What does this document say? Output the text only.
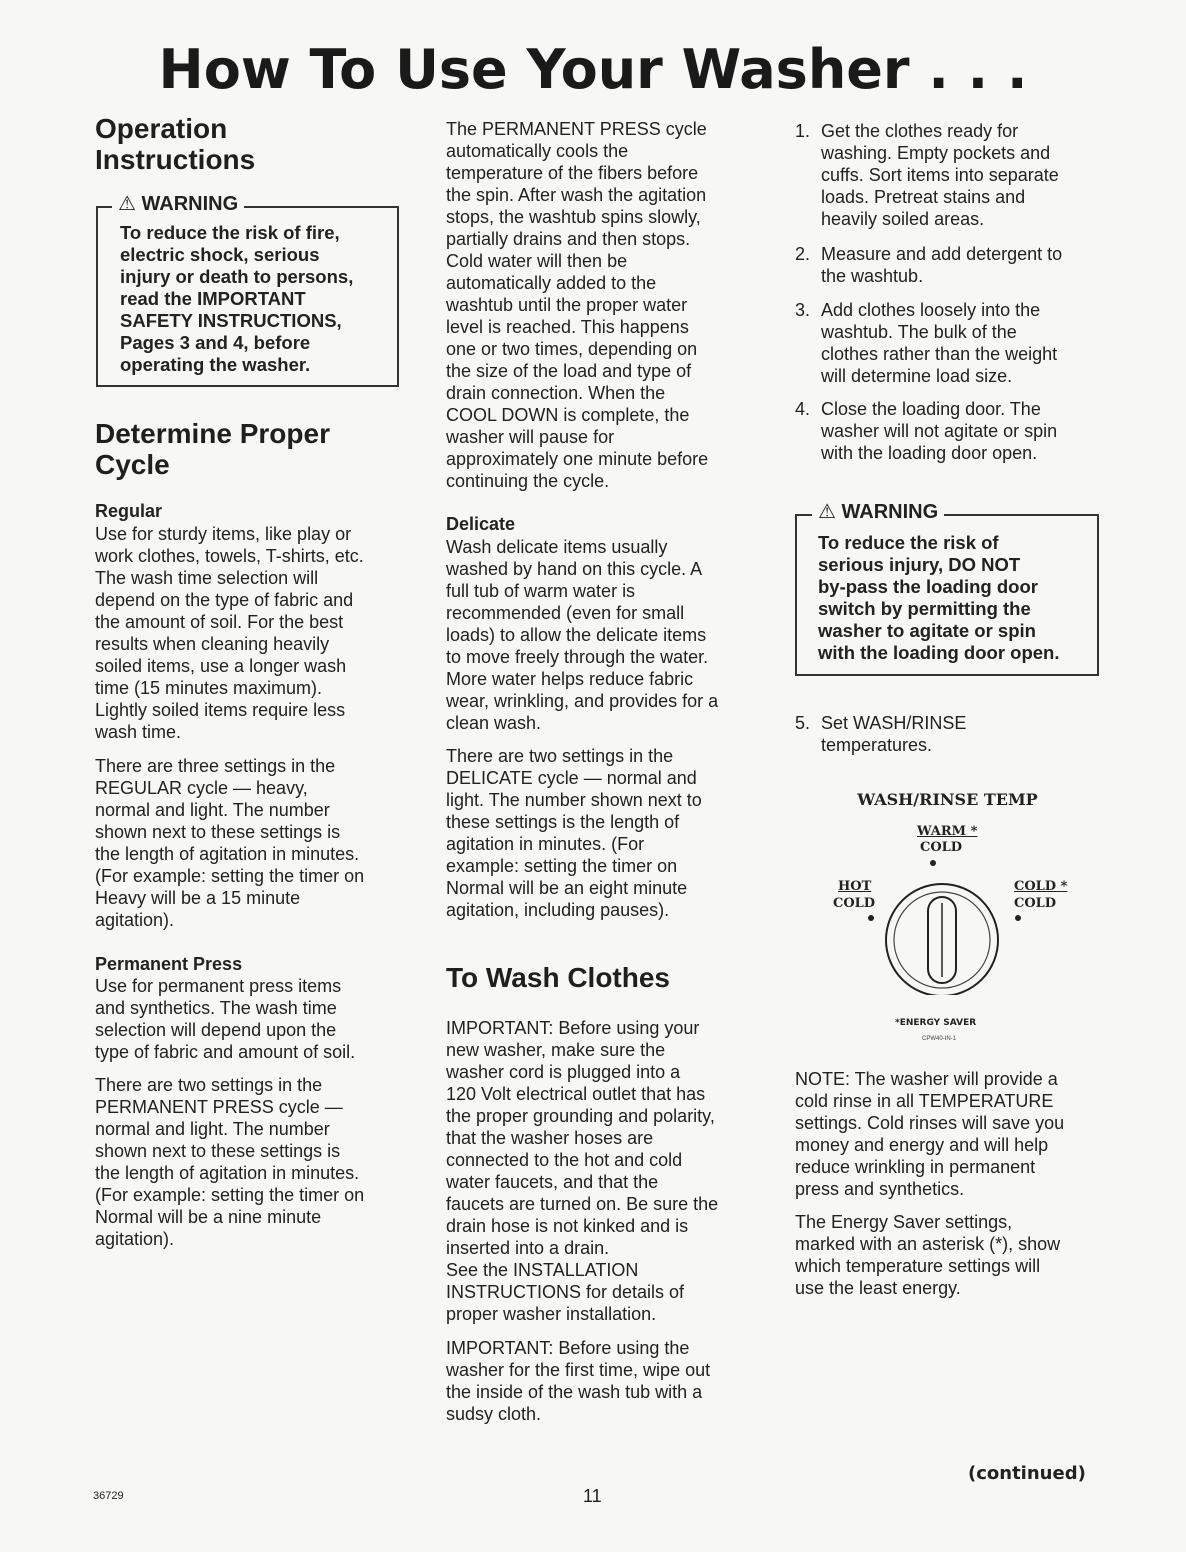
How To Use Your Washer . . .
Operation
Instructions
⚠ WARNING
To reduce the risk of fire,
electric shock, serious
injury or death to persons,
read the IMPORTANT
SAFETY INSTRUCTIONS,
Pages 3 and 4, before
operating the washer.
Determine Proper
Cycle
Regular
Use for sturdy items, like play or
work clothes, towels, T-shirts, etc.
The wash time selection will
depend on the type of fabric and
the amount of soil. For the best
results when cleaning heavily
soiled items, use a longer wash
time (15 minutes maximum).
Lightly soiled items require less
wash time.
There are three settings in the
REGULAR cycle — heavy,
normal and light. The number
shown next to these settings is
the length of agitation in minutes.
(For example: setting the timer on
Heavy will be a 15 minute
agitation).
Permanent Press
Use for permanent press items
and synthetics. The wash time
selection will depend upon the
type of fabric and amount of soil.
There are two settings in the
PERMANENT PRESS cycle —
normal and light. The number
shown next to these settings is
the length of agitation in minutes.
(For example: setting the timer on
Normal will be a nine minute
agitation).
The PERMANENT PRESS cycle
automatically cools the
temperature of the fibers before
the spin. After wash the agitation
stops, the washtub spins slowly,
partially drains and then stops.
Cold water will then be
automatically added to the
washtub until the proper water
level is reached. This happens
one or two times, depending on
the size of the load and type of
drain connection. When the
COOL DOWN is complete, the
washer will pause for
approximately one minute before
continuing the cycle.
Delicate
Wash delicate items usually
washed by hand on this cycle. A
full tub of warm water is
recommended (even for small
loads) to allow the delicate items
to move freely through the water.
More water helps reduce fabric
wear, wrinkling, and provides for a
clean wash.
There are two settings in the
DELICATE cycle — normal and
light. The number shown next to
these settings is the length of
agitation in minutes. (For
example: setting the timer on
Normal will be an eight minute
agitation, including pauses).
To Wash Clothes
IMPORTANT: Before using your
new washer, make sure the
washer cord is plugged into a
120 Volt electrical outlet that has
the proper grounding and polarity,
that the washer hoses are
connected to the hot and cold
water faucets, and that the
faucets are turned on. Be sure the
drain hose is not kinked and is
inserted into a drain.
See the INSTALLATION
INSTRUCTIONS for details of
proper washer installation.
IMPORTANT: Before using the
washer for the first time, wipe out
the inside of the wash tub with a
sudsy cloth.
1. Get the clothes ready for
washing. Empty pockets and
cuffs. Sort items into separate
loads. Pretreat stains and
heavily soiled areas.
2. Measure and add detergent to
the washtub.
3. Add clothes loosely into the
washtub. The bulk of the
clothes rather than the weight
will determine load size.
4. Close the loading door. The
washer will not agitate or spin
with the loading door open.
⚠ WARNING
To reduce the risk of
serious injury, DO NOT
by-pass the loading door
switch by permitting the
washer to agitate or spin
with the loading door open.
5. Set WASH/RINSE
temperatures.
WASH/RINSE TEMP
WARM *
COLD
HOT
COLD
COLD *
COLD
*ENERGY SAVER
CPW40-IN-1
NOTE: The washer will provide a
cold rinse in all TEMPERATURE
settings. Cold rinses will save you
money and energy and will help
reduce wrinkling in permanent
press and synthetics.
The Energy Saver settings,
marked with an asterisk (*), show
which temperature settings will
use the least energy.
(continued)
36729	11
